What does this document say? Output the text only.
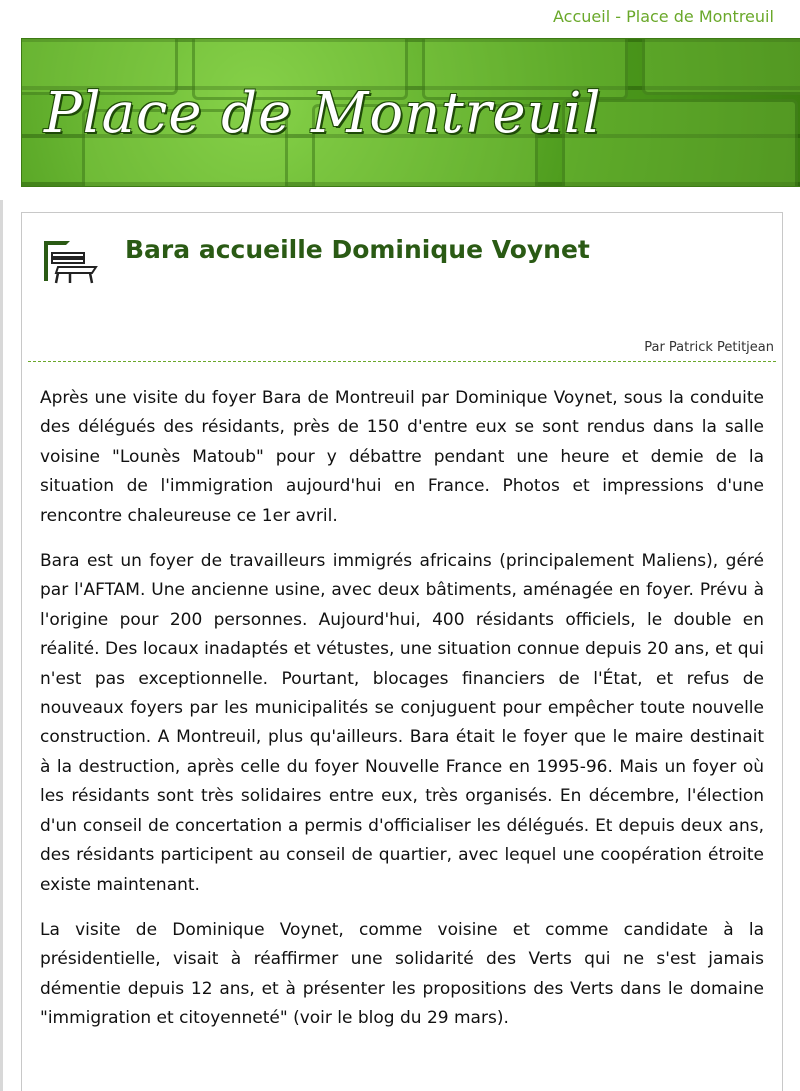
Accueil - Place de Montreuil
Place de Montreuil
Bara accueille Dominique Voynet
Par Patrick Petitjean

Après une visite du foyer Bara de Montreuil par Dominique Voynet, sous la conduite des délégués des résidants, près de 150 d'entre eux se sont rendus dans la salle voisine "Lounès Matoub" pour y débattre pendant une heure et demie de la situation de l'immigration aujourd'hui en France. Photos et impressions d'une rencontre chaleureuse ce 1er avril.

Bara est un foyer de travailleurs immigrés africains (principalement Maliens), géré par l'AFTAM. Une ancienne usine, avec deux bâtiments, aménagée en foyer. Prévu à l'origine pour 200 personnes. Aujourd'hui, 400 résidants officiels, le double en réalité. Des locaux inadaptés et vétustes, une situation connue depuis 20 ans, et qui n'est pas exceptionnelle. Pourtant, blocages financiers de l'État, et refus de nouveaux foyers par les municipalités se conjuguent pour empêcher toute nouvelle construction. A Montreuil, plus qu'ailleurs. Bara était le foyer que le maire destinait à la destruction, après celle du foyer Nouvelle France en 1995-96. Mais un foyer où les résidants sont très solidaires entre eux, très organisés. En décembre, l'élection d'un conseil de concertation a permis d'officialiser les délégués. Et depuis deux ans, des résidants participent au conseil de quartier, avec lequel une coopération étroite existe maintenant.

La visite de Dominique Voynet, comme voisine et comme candidate à la présidentielle, visait à réaffirmer une solidarité des Verts qui ne s'est jamais démentie depuis 12 ans, et à présenter les propositions des Verts dans le domaine "immigration et citoyenneté" (voir le blog du 29 mars).
